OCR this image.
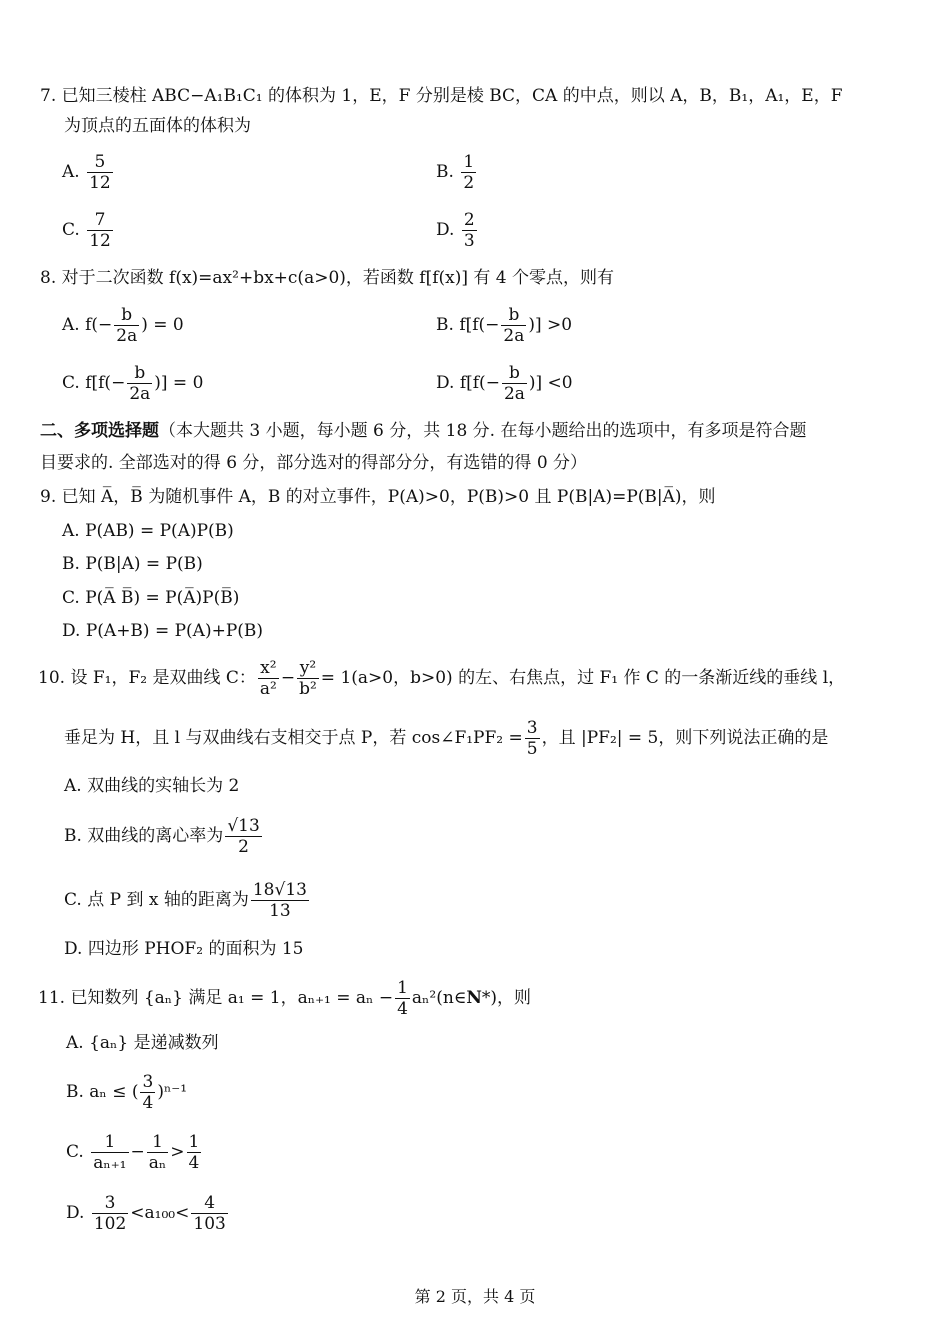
7. 已知三棱柱 ABC−A₁B₁C₁ 的体积为 1，E，F 分别是棱 BC，CA 的中点，则以 A，B，B₁，A₁，E，F
为顶点的五面体的体积为
A. $\frac{5}{12}$	B. $\frac{1}{2}$
C. $\frac{7}{12}$	D. $\frac{2}{3}$
8. 对于二次函数 f(x)=ax²+bx+c(a>0)，若函数 f[f(x)] 有 4 个零点，则有
A. $f(- \frac{b}{2a}$ ) = 0	B. $f[f(- \frac{b}{2a}$ )] >0
C. $f[f(- \frac{b}{2a}$ )] = 0	D. $f[f(- \frac{b}{2a}$ )] <0
二、多项选择题（本大题共 3 小题，每小题 6 分，共 18 分. 在每小题给出的选项中，有多项是符合题
目要求的. 全部选对的得 6 分，部分选对的得部分分，有选错的得 0 分）
9. 已知 A̅，B̅ 为随机事件 A，B 的对立事件，P(A)>0，P(B)>0 且 P(B|A)=P(B|A̅)，则
A. P(AB) = P(A)P(B)
B. P(B|A) = P(B)
C. P(A̅ B̅) = P(A̅)P(B̅)
D. P(A+B) = P(A)+P(B)
10. 设 F₁，F₂ 是双曲线 C： $\frac{\text{x²}}{\text{a²}} - \frac{\text{y²}}{\text{b²}} = 1(a>0$，b>0) 的左、右焦点，过 F₁ 作 C 的一条渐近线的垂线 l，
垂足为 H，且 l 与双曲线右支相交于点 P，若 cos∠F₁PF₂ = $\frac{3}{5}$ ，且 |PF₂| = 5，则下列说法正确的是
A. 双曲线的实轴长为 2
B. 双曲线的离心率为 $\frac{√13}{2}$
C. 点 P 到 x 轴的距离为 $\frac{18√13}{13}$
D. 四边形 PHOF₂ 的面积为 15
11. 已知数列 {aₙ} 满足 a₁ = 1，$a_{n+1} = a_n - \frac{1}{4}$ aₙ²(n∈N*)，则
A. {aₙ} 是递减数列
B. aₙ ≤ ( $\frac{3}{4} )^{n-1}$
C. $\frac{1}{\text{aₙ₊₁}} - \frac{1}{\text{aₙ}} > \frac{1}{4}$
D. $\frac{3}{102} <a_{100}< \frac{4}{103}$
第 2 页，共 4 页
